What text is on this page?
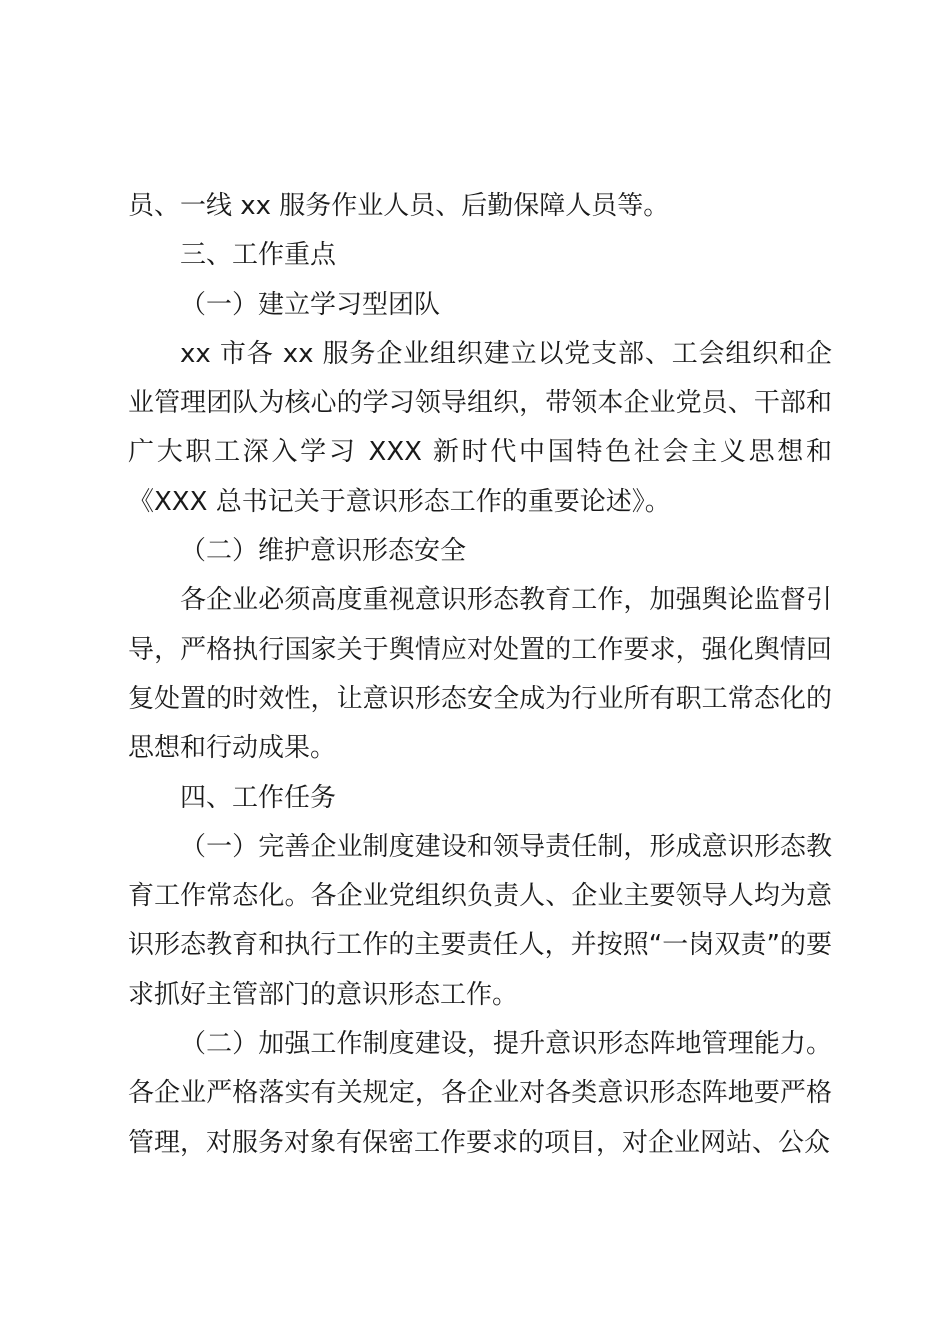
员、一线 xx 服务作业人员、后勤保障人员等。

三、工作重点

（一）建立学习型团队

xx 市各 xx 服务企业组织建立以党支部、工会组织和企业管理团队为核心的学习领导组织，带领本企业党员、干部和广大职工深入学习 XXX 新时代中国特色社会主义思想和《XXX 总书记关于意识形态工作的重要论述》。

（二）维护意识形态安全

各企业必须高度重视意识形态教育工作，加强舆论监督引导，严格执行国家关于舆情应对处置的工作要求，强化舆情回复处置的时效性，让意识形态安全成为行业所有职工常态化的思想和行动成果。

四、工作任务

（一）完善企业制度建设和领导责任制，形成意识形态教育工作常态化。各企业党组织负责人、企业主要领导人均为意识形态教育和执行工作的主要责任人，并按照“一岗双责”的要求抓好主管部门的意识形态工作。

（二）加强工作制度建设，提升意识形态阵地管理能力。各企业严格落实有关规定，各企业对各类意识形态阵地要严格管理，对服务对象有保密工作要求的项目，对企业网站、公众
